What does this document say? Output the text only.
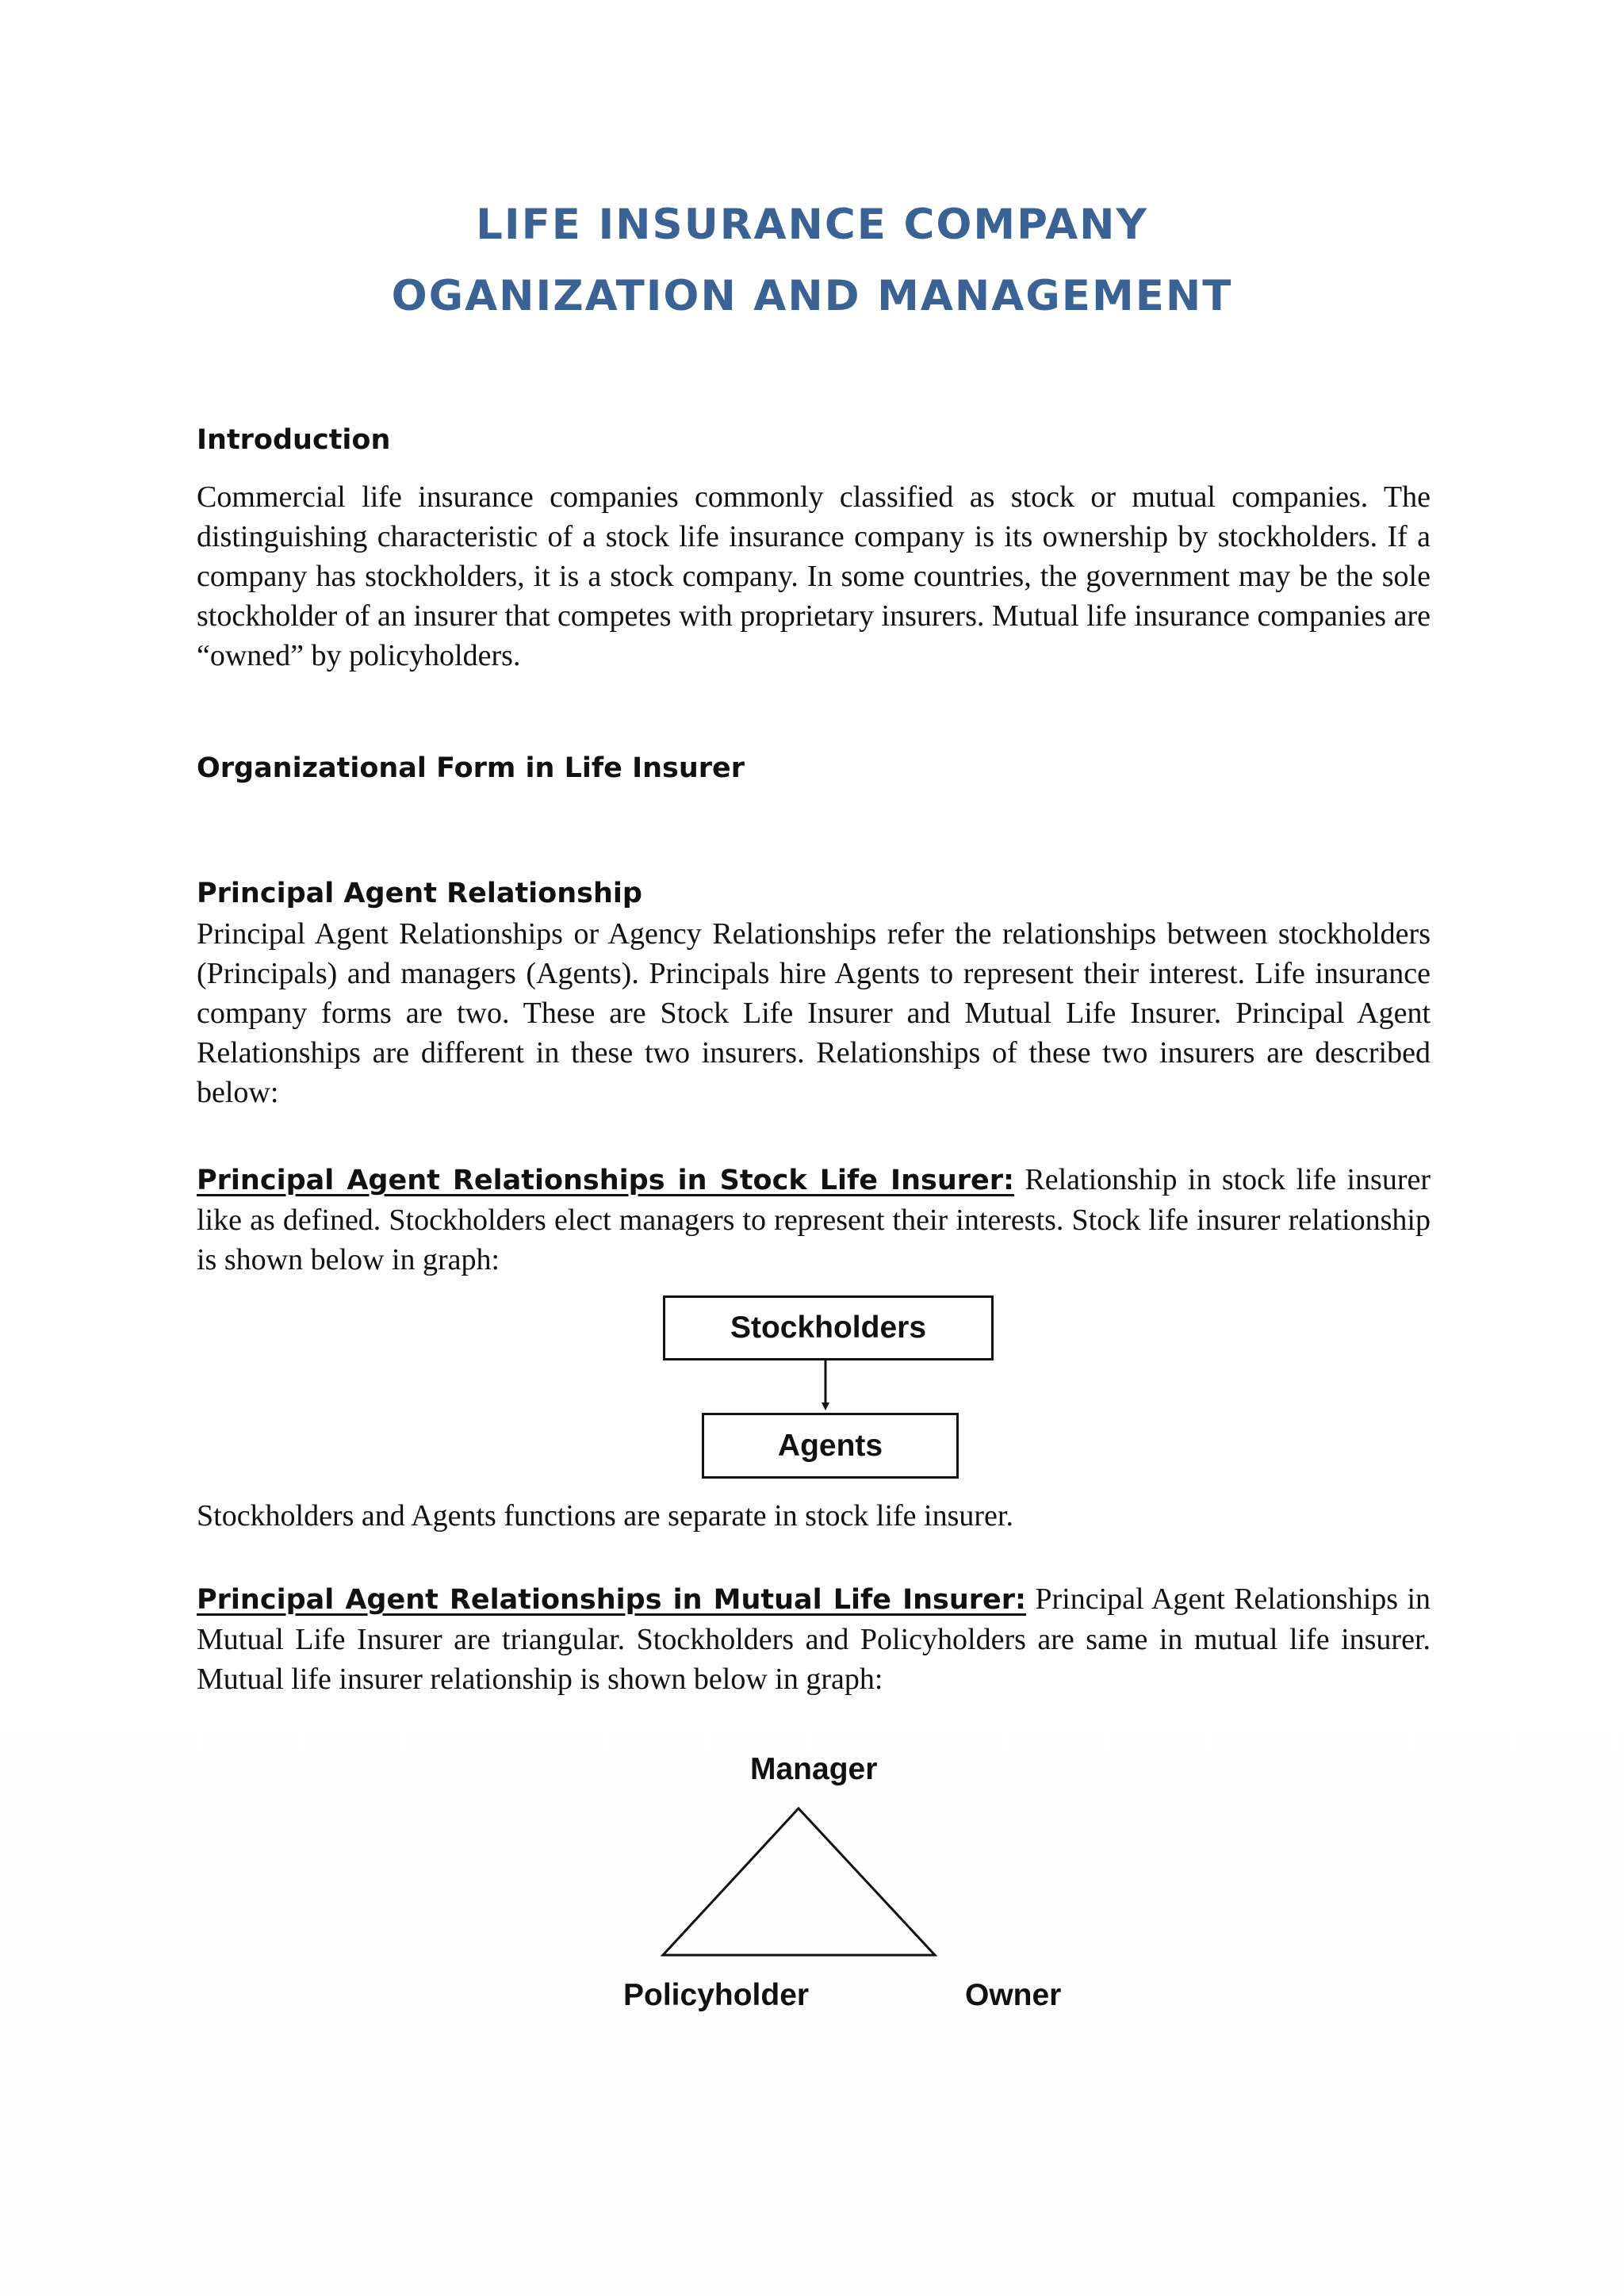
LIFE INSURANCE COMPANY
OGANIZATION AND MANAGEMENT
Introduction
Commercial life insurance companies commonly classified as stock or mutual companies. The distinguishing characteristic of a stock life insurance company is its ownership by stockholders. If a company has stockholders, it is a stock company. In some countries, the government may be the sole stockholder of an insurer that competes with proprietary insurers. Mutual life insurance companies are “owned” by policyholders.
Organizational Form in Life Insurer
Principal Agent Relationship
Principal Agent Relationships or Agency Relationships refer the relationships between stockholders (Principals) and managers (Agents). Principals hire Agents to represent their interest. Life insurance company forms are two. These are Stock Life Insurer and Mutual Life Insurer. Principal Agent Relationships are different in these two insurers. Relationships of these two insurers are described below:
Principal Agent Relationships in Stock Life Insurer: Relationship in stock life insurer like as defined. Stockholders elect managers to represent their interests. Stock life insurer relationship is shown below in graph:
Stockholders
Agents
Stockholders and Agents functions are separate in stock life insurer.
Principal Agent Relationships in Mutual Life Insurer: Principal Agent Relationships in Mutual Life Insurer are triangular. Stockholders and Policyholders are same in mutual life insurer. Mutual life insurer relationship is shown below in graph:
Manager
Policyholder	Owner
